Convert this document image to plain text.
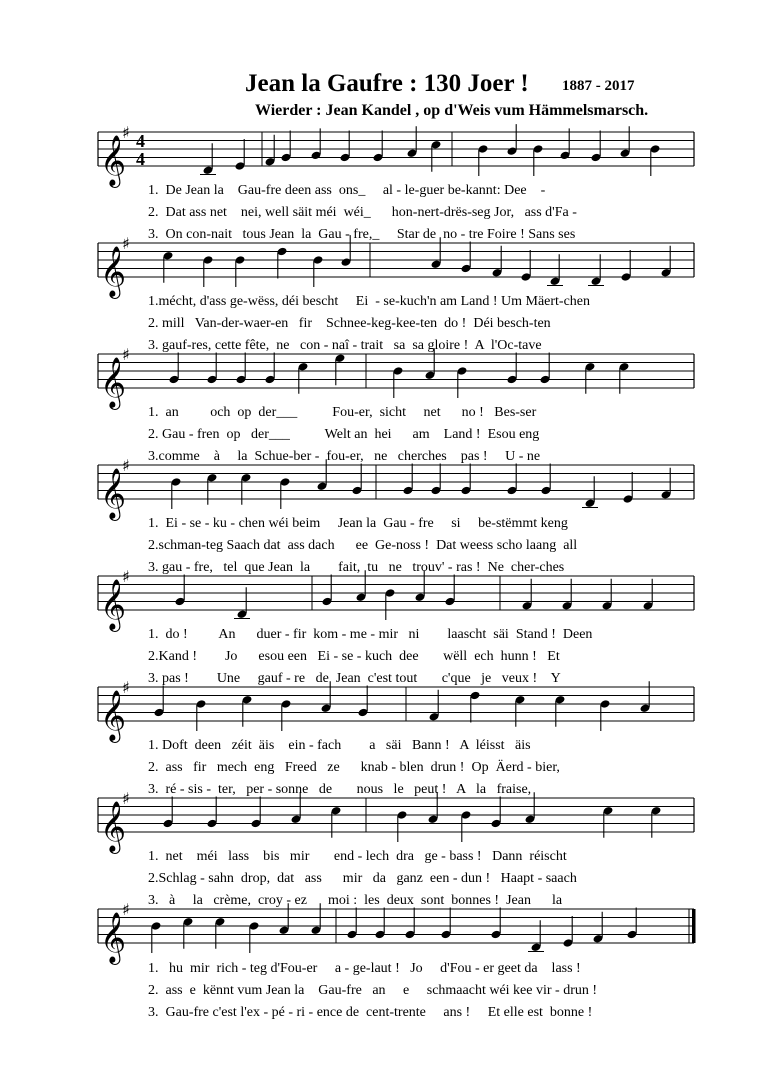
Jean la Gaufre : 130 Joer ! 1887 - 2017
Wierder : Jean Kandel , op d'Weis vum Hämmelsmarsch.
𝄞
♯ 4
4
𝄞
♯
𝄞
♯
𝄞
♯
𝄞
♯
𝄞
♯
𝄞
♯
𝄞
♯
1.  De Jean la    Gau-fre deen ass  ons_     al - le-guer be-kannt: Dee    -
2.  Dat ass net    nei, well säit méi  wéi_      hon-nert-drës-seg Jor,   ass d'Fa -
3.  On con-nait   tous Jean  la  Gau - fre,_     Star de  no - tre Foire ! Sans ses
1.mécht, d'ass ge-wëss, déi bescht     Ei  - se-kuch'n am Land ! Um Mäert-chen
2. mill   Van-der-waer-en   fir    Schnee-keg-kee-ten  do !  Déi besch-ten
3. gauf-res, cette fête,  ne   con - naî - trait   sa  sa gloire !  A  l'Oc-tave
1.  an         och  op  der___          Fou-er,  sicht     net      no !   Bes-ser
2. Gau - fren  op   der___          Welt an  hei      am    Land !  Esou eng
3.comme    à     la  Schue-ber -  fou-er,   ne   cherches    pas !     U - ne
1.  Ei - se - ku - chen wéi beim     Jean la  Gau - fre     si     be-stëmmt keng
2.schman-teg Saach dat  ass dach      ee  Ge-noss !  Dat weess scho laang  all
3. gau - fre,   tel  que Jean  la        fait,  tu   ne   trouv' - ras !  Ne  cher-ches
1.  do !         An      duer - fir  kom - me - mir   ni        laascht  säi  Stand !  Deen
2.Kand !        Jo      esou een   Ei - se - kuch  dee       wëll  ech  hunn !   Et
3. pas !        Une     gauf - re   de  Jean  c'est tout       c'que   je   veux !    Y
1. Doft  deen   zéit  äis    ein - fach        a   säi   Bann !   A  léisst   äis
2.  ass   fir   mech  eng   Freed   ze      knab - blen  drun !  Op  Äerd - bier,
3.  ré - sis -  ter,   per - sonne   de       nous   le   peut !   A   la   fraise,
1.  net    méi   lass    bis   mir       end - lech  dra   ge - bass !   Dann  réischt
2.Schlag - sahn  drop,  dat   ass      mir   da   ganz  een - dun !   Haapt - saach
3.   à     la   crème,  croy - ez      moi :  les  deux  sont  bonnes !  Jean      la
1.   hu  mir  rich - teg d'Fou-er     a - ge-laut !   Jo     d'Fou - er geet da    lass !
2.  ass  e  kënnt vum Jean la    Gau-fre   an     e     schmaacht wéi kee vir - drun !
3.  Gau-fre c'est l'ex - pé - ri - ence de  cent-trente     ans !     Et elle est  bonne !
